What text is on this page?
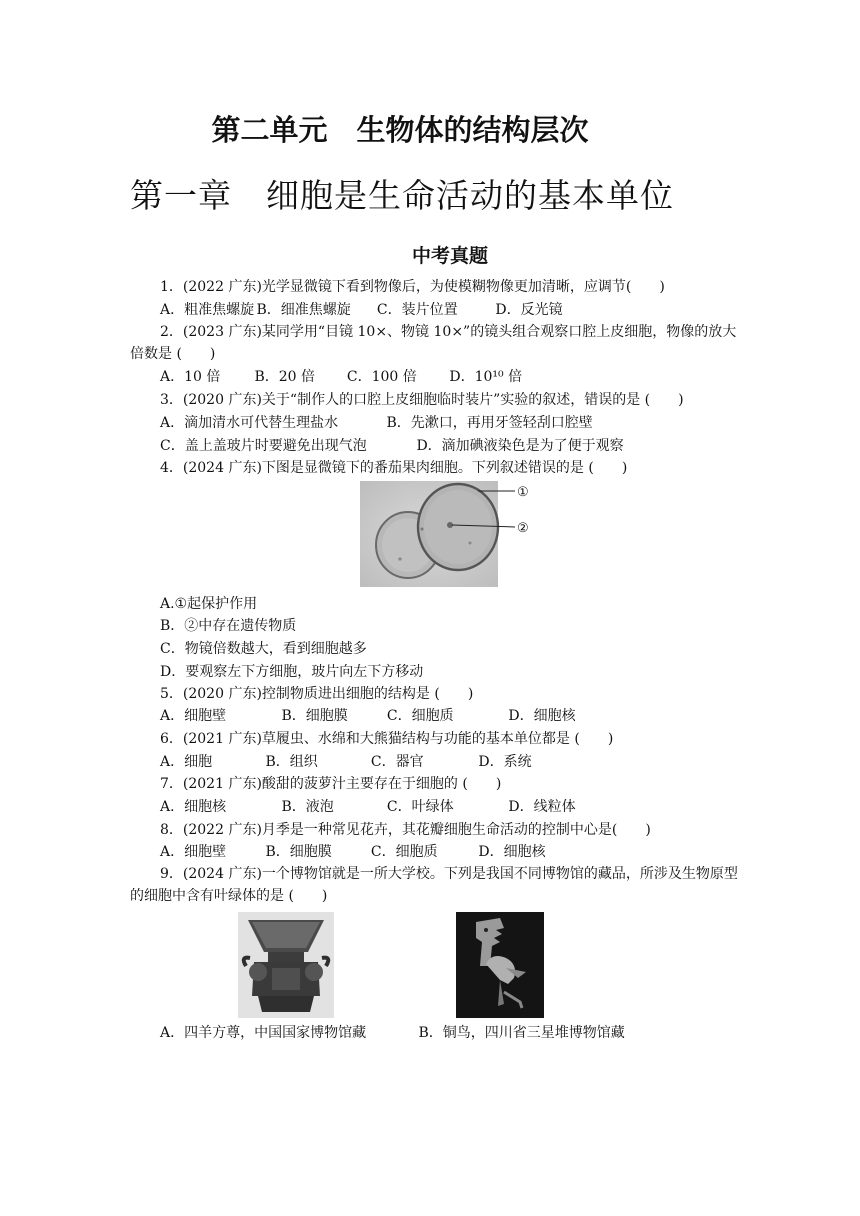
第二单元　生物体的结构层次
第一章　细胞是生命活动的基本单位
中考真题
1．(2022 广东)光学显微镜下看到物像后，为使模糊物像更加清晰，应调节(　　)
A．粗准焦螺旋 B．细准焦螺旋 C．装片位置	D．反光镜
2．(2023 广东)某同学用“目镜 10×、物镜 10×”的镜头组合观察口腔上皮细胞，物像的放大倍数是 (　　)
A．10 倍 B．20 倍 C．100 倍 D．10¹⁰ 倍
3．(2020 广东)关于“制作人的口腔上皮细胞临时装片”实验的叙述，错误的是 (　　)
A．滴加清水可代替生理盐水	B．先漱口，再用牙签轻刮口腔壁
C．盖上盖玻片时要避免出现气泡	D．滴加碘液染色是为了便于观察
4．(2024 广东)下图是显微镜下的番茄果肉细胞。下列叙述错误的是 (　　)
①
②
A.①起保护作用
B．②中存在遗传物质
C．物镜倍数越大，看到细胞越多
D．要观察左下方细胞，玻片向左下方移动
5．(2020 广东)控制物质进出细胞的结构是 (　　)
A．细胞壁	B．细胞膜	C．细胞质	D．细胞核
6．(2021 广东)草履虫、水绵和大熊猫结构与功能的基本单位都是 (　　)
A．细胞	B．组织	C．器官	D．系统
7．(2021 广东)酸甜的菠萝汁主要存在于细胞的 (　　)
A．细胞核	B．液泡	C．叶绿体	D．线粒体
8．(2022 广东)月季是一种常见花卉，其花瓣细胞生命活动的控制中心是(　　)
A．细胞壁	B．细胞膜	C．细胞质	D．细胞核
9．(2024 广东)一个博物馆就是一所大学校。下列是我国不同博物馆的藏品，所涉及生物原型的细胞中含有叶绿体的是 (　　)
A．四羊方尊，中国国家博物馆藏	B．铜鸟，四川省三星堆博物馆藏
